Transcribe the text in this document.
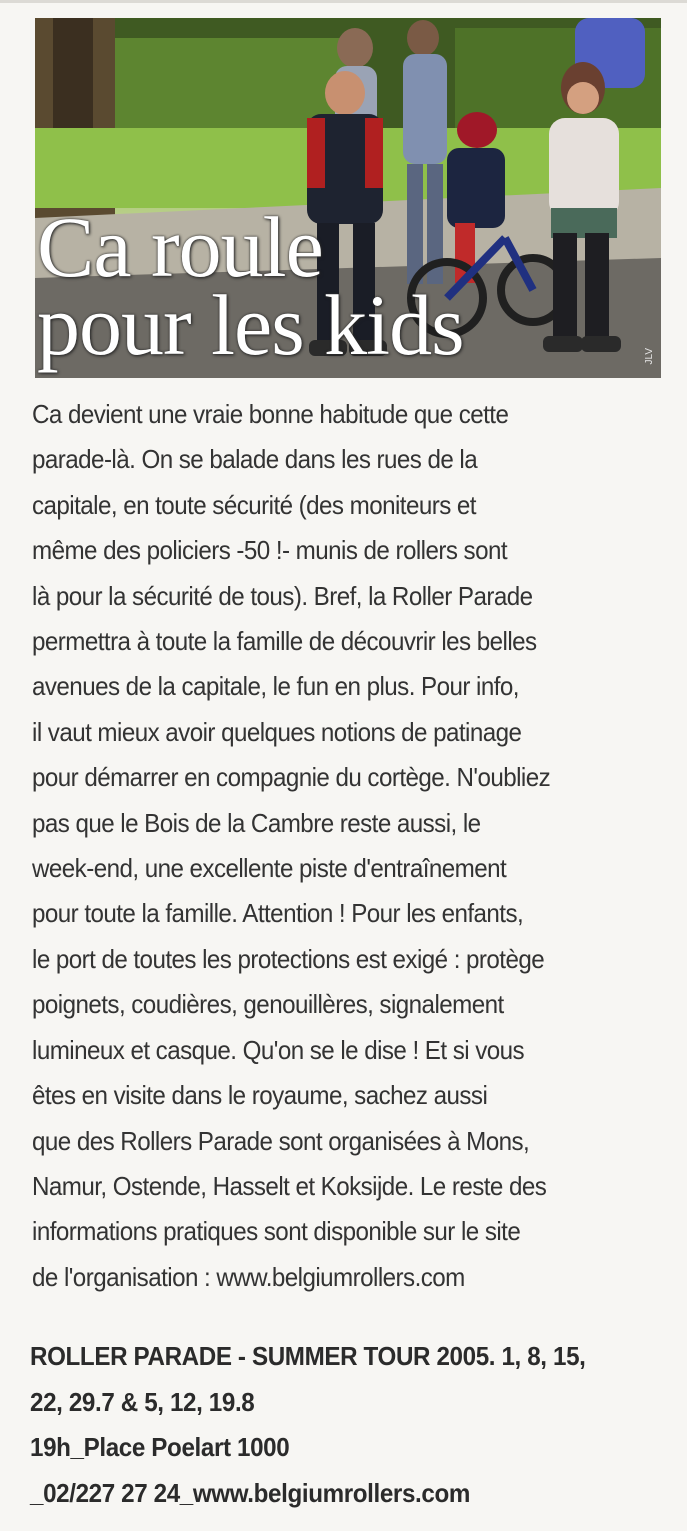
Ca roule
pour les kids	JLV
Ca devient une vraie bonne habitude que cette
parade-là. On se balade dans les rues de la
capitale, en toute sécurité (des moniteurs et
même des policiers -50 !- munis de rollers sont
là pour la sécurité de tous). Bref, la Roller Parade
permettra à toute la famille de découvrir les belles
avenues de la capitale, le fun en plus. Pour info,
il vaut mieux avoir quelques notions de patinage
pour démarrer en compagnie du cortège. N'oubliez
pas que le Bois de la Cambre reste aussi, le
week-end, une excellente piste d'entraînement
pour toute la famille. Attention ! Pour les enfants,
le port de toutes les protections est exigé : protège
poignets, coudières, genouillères, signalement
lumineux et casque. Qu'on se le dise ! Et si vous
êtes en visite dans le royaume, sachez aussi
que des Rollers Parade sont organisées à Mons,
Namur, Ostende, Hasselt et Koksijde. Le reste des
informations pratiques sont disponible sur le site
de l'organisation : www.belgiumrollers.com
ROLLER PARADE - SUMMER TOUR 2005. 1, 8, 15,
22, 29.7 & 5, 12, 19.8
19h_Place Poelart 1000
_02/227 27 24_www.belgiumrollers.com
